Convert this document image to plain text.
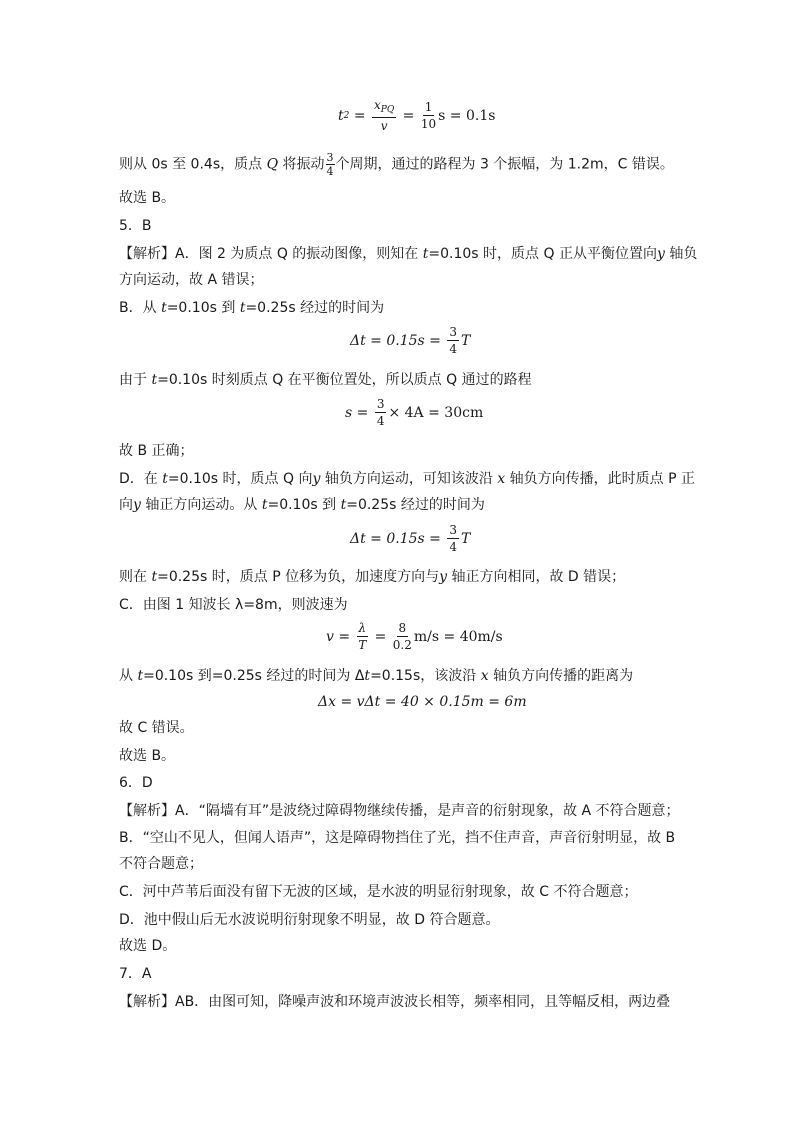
t $2 = \frac{x_{PQ}}{v} = \frac{1}{10}$ s = 0.1s
则从 0s 至 0.4s，质点 Q 将振动 $\frac{3}{4}$ 个周期，通过的路程为 3 个振幅，为 1.2m，C 错误。
故选 B。
5．B
【解析】A．图 2 为质点 Q 的振动图像，则知在 t=0.10s 时，质点 Q 正从平衡位置向y 轴负
方向运动，故 A 错误；
B．从 t=0.10s 到 t=0.25s 经过的时间为
Δt = 0.15s =
$\frac{3}{4}$ T
由于 t=0.10s 时刻质点 Q 在平衡位置处，所以质点 Q 通过的路程
s =
$\frac{3}{4} \times 4A = 30cm$
故 B 正确；
D．在 t=0.10s 时，质点 Q 向y 轴负方向运动，可知该波沿 x 轴负方向传播，此时质点 P 正
向y 轴正方向运动。从 t=0.10s 到 t=0.25s 经过的时间为
Δt = 0.15s =
$\frac{3}{4}$ T
则在 t=0.25s 时，质点 P 位移为负，加速度方向与y 轴正方向相同，故 D 错误；
C．由图 1 知波长 λ=8m，则波速为
v =
$\frac{\lambda}{T}$
=
$\frac{8}{0.2} m/s = 40m/s$
从 t=0.10s 到=0.25s 经过的时间为 Δt=0.15s，该波沿 x 轴负方向传播的距离为
Δx = vΔt = 40 × 0.15m = 6m
故 C 错误。
故选 B。
6．D
【解析】A．“隔墙有耳”是波绕过障碍物继续传播，是声音的衍射现象，故 A 不符合题意；
B．“空山不见人，但闻人语声”，这是障碍物挡住了光，挡不住声音，声音衍射明显，故 B
不符合题意；
C．河中芦苇后面没有留下无波的区域，是水波的明显衍射现象，故 C 不符合题意；
D．池中假山后无水波说明衍射现象不明显，故 D 符合题意。
故选 D。
7．A
【解析】AB．由图可知，降噪声波和环境声波波长相等，频率相同，且等幅反相，两边叠
